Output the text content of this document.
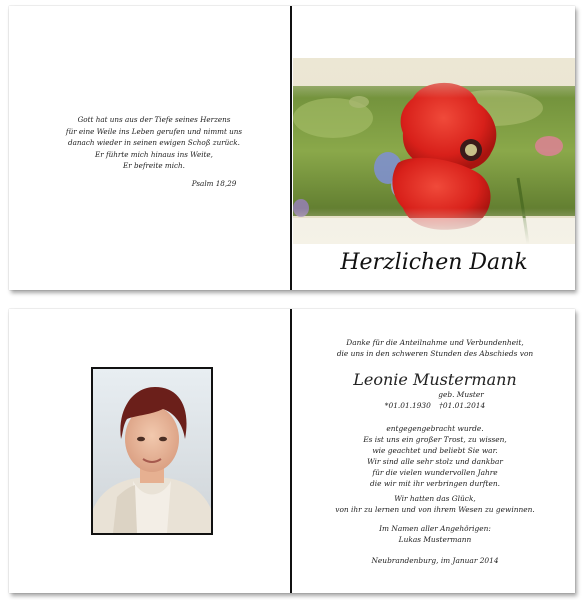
Gott hat uns aus der Tiefe seines Herzens
für eine Weile ins Leben gerufen und nimmt uns
danach wieder in seinen ewigen Schoß zurück.
Er führte mich hinaus ins Weite,
Er befreite mich.
Psalm 18,29
Herzlichen Dank
Danke für die Anteilnahme und Verbundenheit,
die uns in den schweren Stunden des Abschieds von
Leonie Mustermann
geb. Muster
*01.01.1930 †01.01.2014
entgegengebracht wurde.
Es ist uns ein großer Trost, zu wissen,
wie geachtet und beliebt Sie war.
Wir sind alle sehr stolz und dankbar
für die vielen wundervollen Jahre
die wir mit ihr verbringen durften.
Wir hatten das Glück,
von ihr zu lernen und von ihrem Wesen zu gewinnen.
Im Namen aller Angehörigen:
Lukas Mustermann
Neubrandenburg, im Januar 2014
